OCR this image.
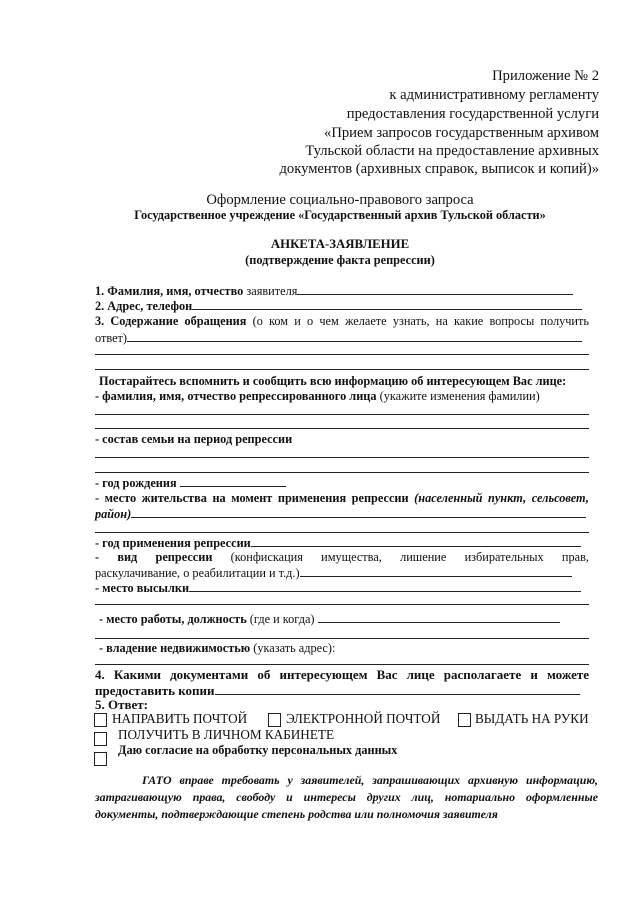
Приложение № 2
к административному регламенту
предоставления государственной услуги
«Прием запросов государственным архивом
Тульской области на предоставление архивных
документов (архивных справок, выписок и копий)»
Оформление социально-правового запроса
Государственное учреждение «Государственный архив Тульской области»
АНКЕТА-ЗАЯВЛЕНИЕ
(подтверждение факта репрессии)
1. Фамилия, имя, отчество заявителя
2. Адрес, телефон
3. Содержание обращения (о ком и о чем желаете узнать, на какие вопросы получить
ответ)
Постарайтесь вспомнить и сообщить всю информацию об интересующем Вас лице:
- фамилия, имя, отчество репрессированного лица (укажите изменения фамилии)
- состав семьи на период репрессии
- год рождения
- место жительства на момент применения репрессии (населенный пункт, сельсовет,
район)
- год применения репрессии
- вид репрессии (конфискация имущества, лишение избирательных прав,
раскулачивание, о реабилитации и т.д.)
- место высылки
- место работы, должность (где и когда)
- владение недвижимостью (указать адрес):
4. Какими документами об интересующем Вас лице располагаете и можете
предоставить копии
5. Ответ:
НАПРАВИТЬ ПОЧТОЙ	ЭЛЕКТРОННОЙ ПОЧТОЙ	ВЫДАТЬ НА РУКИ
ПОЛУЧИТЬ В ЛИЧНОМ КАБИНЕТЕ
Даю согласие на обработку персональных данных
ГАТО вправе требовать у заявителей, запрашивающих архивную информацию, затрагивающую права, свободу и интересы других лиц, нотариально оформленные документы, подтверждающие степень родства или полномочия заявителя
